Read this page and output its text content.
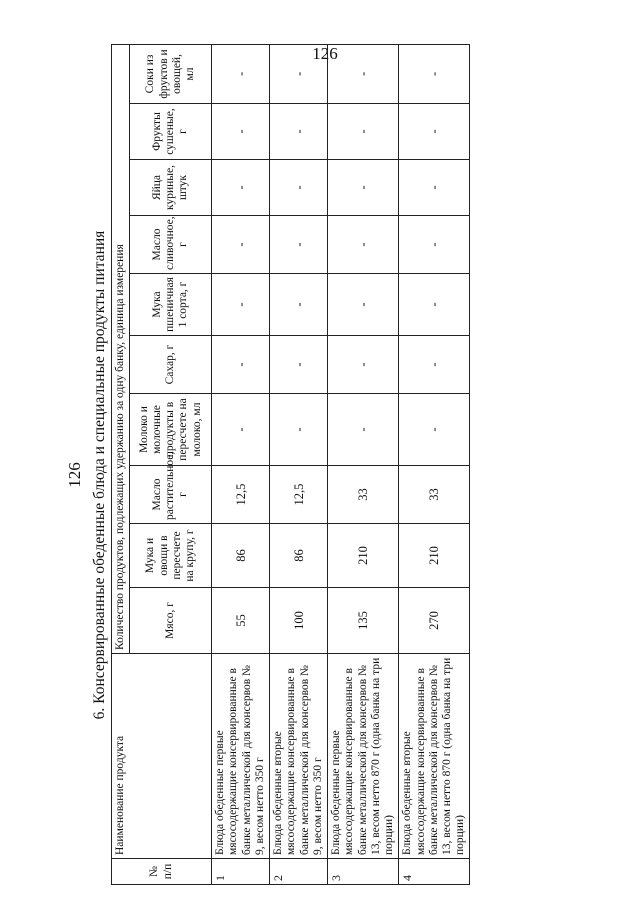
126
126 6. Консервированные обеденные блюда и специальные продукты питания
№ п/п	Наименование продукта	Количество продуктов, подлежащих удержанию за одну банку, единица измерения									
		Мясо, г	Мука и овощи в пересчете на крупу, г	Масло растительное, г	Молоко и молочные продукты в пересчете на молоко, мл	Сахар, г	Мука пшеничная 1 сорта, г	Масло сливочное, г	Яйца куриные, штук	Фрукты сушеные, г	Соки из фруктов и овощей, мл
1	Блюда обеденные первые мясосодержащие консервированные в банке металлической для консервов № 9, весом нетто 350 г	55	86	12,5	-	-	-	-	-	-	-
2	Блюда обеденные вторые мясосодержащие консервированные в банке металлической для консервов № 9, весом нетто 350 г	100	86	12,5	-	-	-	-	-	-	-
3	Блюда обеденные первые мясосодержащие консервированные в банке металлической для консервов № 13, весом нетто 870 г (одна банка на три порции)	135	210	33	-	-	-	-	-	-	-
4	Блюда обеденные вторые мясосодержащие консервированные в банке металлической для консервов № 13, весом нетто 870 г (одна банка на три порции)	270	210	33	-	-	-	-	-	-	-
